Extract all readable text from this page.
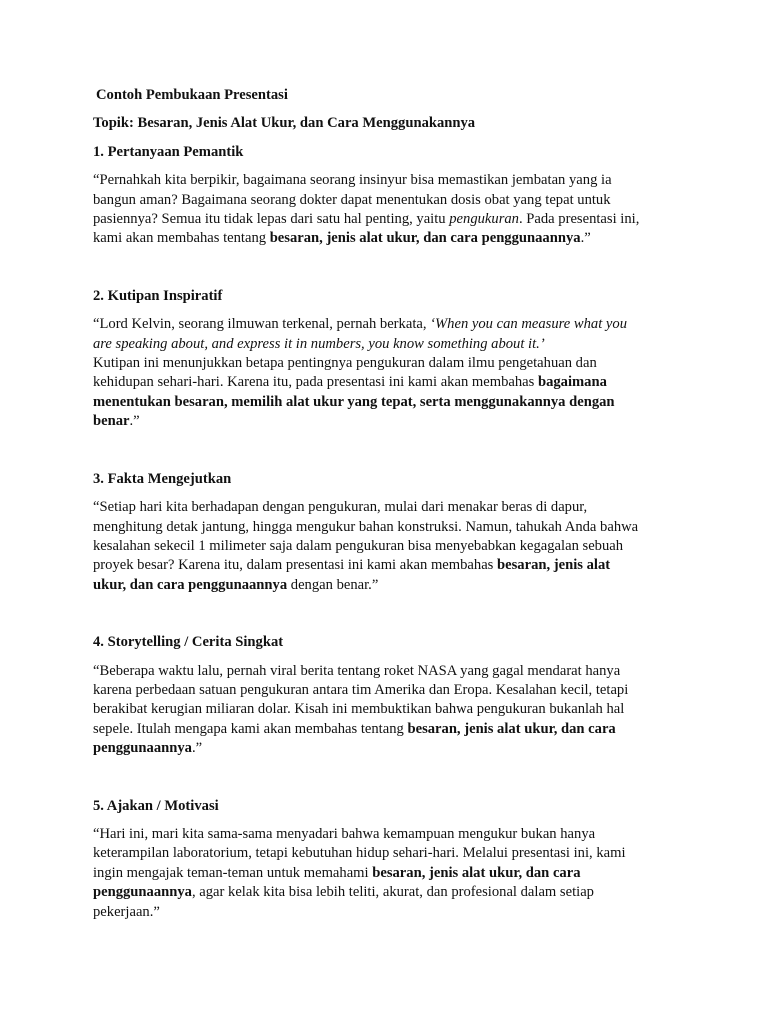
Contoh Pembukaan Presentasi
Topik: Besaran, Jenis Alat Ukur, dan Cara Menggunakannya
1. Pertanyaan Pemantik
“Pernahkah kita berpikir, bagaimana seorang insinyur bisa memastikan jembatan yang ia
bangun aman? Bagaimana seorang dokter dapat menentukan dosis obat yang tepat untuk
pasiennya? Semua itu tidak lepas dari satu hal penting, yaitu pengukuran. Pada presentasi ini,
kami akan membahas tentang besaran, jenis alat ukur, dan cara penggunaannya.”
2. Kutipan Inspiratif
“Lord Kelvin, seorang ilmuwan terkenal, pernah berkata, ‘When you can measure what you
are speaking about, and express it in numbers, you know something about it.’
Kutipan ini menunjukkan betapa pentingnya pengukuran dalam ilmu pengetahuan dan
kehidupan sehari-hari. Karena itu, pada presentasi ini kami akan membahas bagaimana
menentukan besaran, memilih alat ukur yang tepat, serta menggunakannya dengan
benar.”
3. Fakta Mengejutkan
“Setiap hari kita berhadapan dengan pengukuran, mulai dari menakar beras di dapur,
menghitung detak jantung, hingga mengukur bahan konstruksi. Namun, tahukah Anda bahwa
kesalahan sekecil 1 milimeter saja dalam pengukuran bisa menyebabkan kegagalan sebuah
proyek besar? Karena itu, dalam presentasi ini kami akan membahas besaran, jenis alat
ukur, dan cara penggunaannya dengan benar.”
4. Storytelling / Cerita Singkat
“Beberapa waktu lalu, pernah viral berita tentang roket NASA yang gagal mendarat hanya
karena perbedaan satuan pengukuran antara tim Amerika dan Eropa. Kesalahan kecil, tetapi
berakibat kerugian miliaran dolar. Kisah ini membuktikan bahwa pengukuran bukanlah hal
sepele. Itulah mengapa kami akan membahas tentang besaran, jenis alat ukur, dan cara
penggunaannya.”
5. Ajakan / Motivasi
“Hari ini, mari kita sama-sama menyadari bahwa kemampuan mengukur bukan hanya
keterampilan laboratorium, tetapi kebutuhan hidup sehari-hari. Melalui presentasi ini, kami
ingin mengajak teman-teman untuk memahami besaran, jenis alat ukur, dan cara
penggunaannya, agar kelak kita bisa lebih teliti, akurat, dan profesional dalam setiap
pekerjaan.”
